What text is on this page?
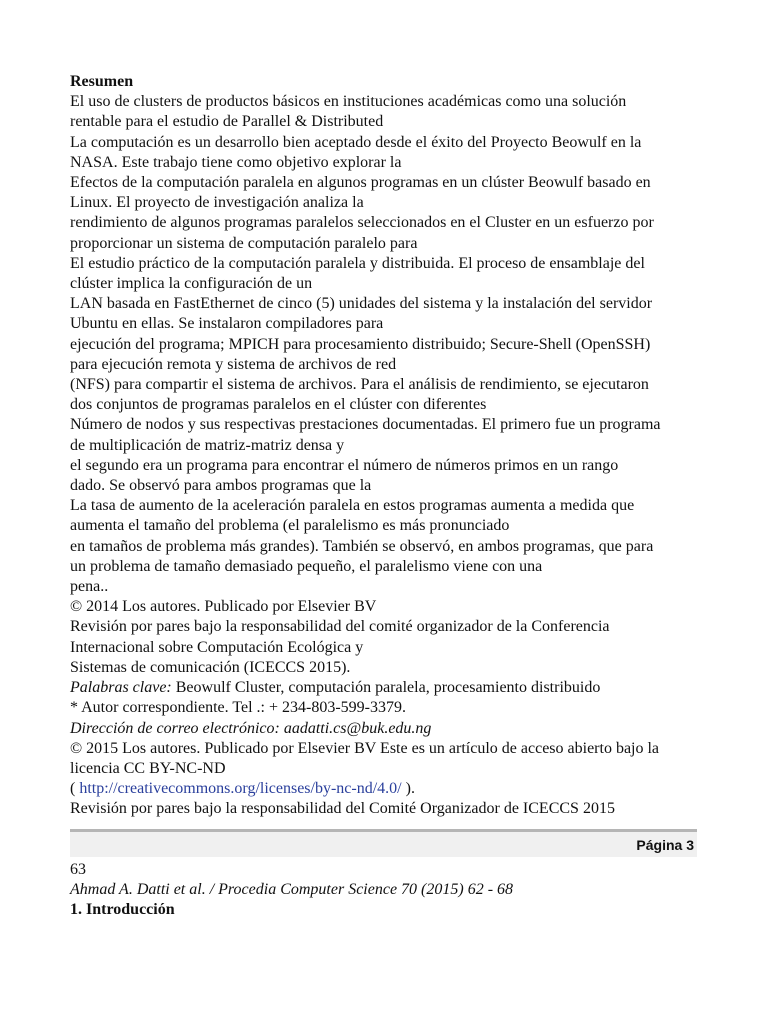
Resumen
El uso de clusters de productos básicos en instituciones académicas como una solución
rentable para el estudio de Parallel & Distributed
La computación es un desarrollo bien aceptado desde el éxito del Proyecto Beowulf en la
NASA. Este trabajo tiene como objetivo explorar la
Efectos de la computación paralela en algunos programas en un clúster Beowulf basado en
Linux. El proyecto de investigación analiza la
rendimiento de algunos programas paralelos seleccionados en el Cluster en un esfuerzo por
proporcionar un sistema de computación paralelo para
El estudio práctico de la computación paralela y distribuida. El proceso de ensamblaje del
clúster implica la configuración de un
LAN basada en FastEthernet de cinco (5) unidades del sistema y la instalación del servidor
Ubuntu en ellas. Se instalaron compiladores para
ejecución del programa; MPICH para procesamiento distribuido; Secure-Shell (OpenSSH)
para ejecución remota y sistema de archivos de red
(NFS) para compartir el sistema de archivos. Para el análisis de rendimiento, se ejecutaron
dos conjuntos de programas paralelos en el clúster con diferentes
Número de nodos y sus respectivas prestaciones documentadas. El primero fue un programa
de multiplicación de matriz-matriz densa y
el segundo era un programa para encontrar el número de números primos en un rango
dado. Se observó para ambos programas que la
La tasa de aumento de la aceleración paralela en estos programas aumenta a medida que
aumenta el tamaño del problema (el paralelismo es más pronunciado
en tamaños de problema más grandes). También se observó, en ambos programas, que para
un problema de tamaño demasiado pequeño, el paralelismo viene con una
pena..
© 2014 Los autores. Publicado por Elsevier BV
Revisión por pares bajo la responsabilidad del comité organizador de la Conferencia
Internacional sobre Computación Ecológica y
Sistemas de comunicación (ICECCS 2015).
Palabras clave: Beowulf Cluster, computación paralela, procesamiento distribuido
* Autor correspondiente. Tel .: + 234-803-599-3379.
Dirección de correo electrónico: aadatti.cs@buk.edu.ng
© 2015 Los autores. Publicado por Elsevier BV Este es un artículo de acceso abierto bajo la
licencia CC BY-NC-ND
( http://creativecommons.org/licenses/by-nc-nd/4.0/ ).
Revisión por pares bajo la responsabilidad del Comité Organizador de ICECCS 2015
Página 3
63
Ahmad A. Datti et al. / Procedia Computer Science 70 (2015) 62 - 68
1. Introducción
